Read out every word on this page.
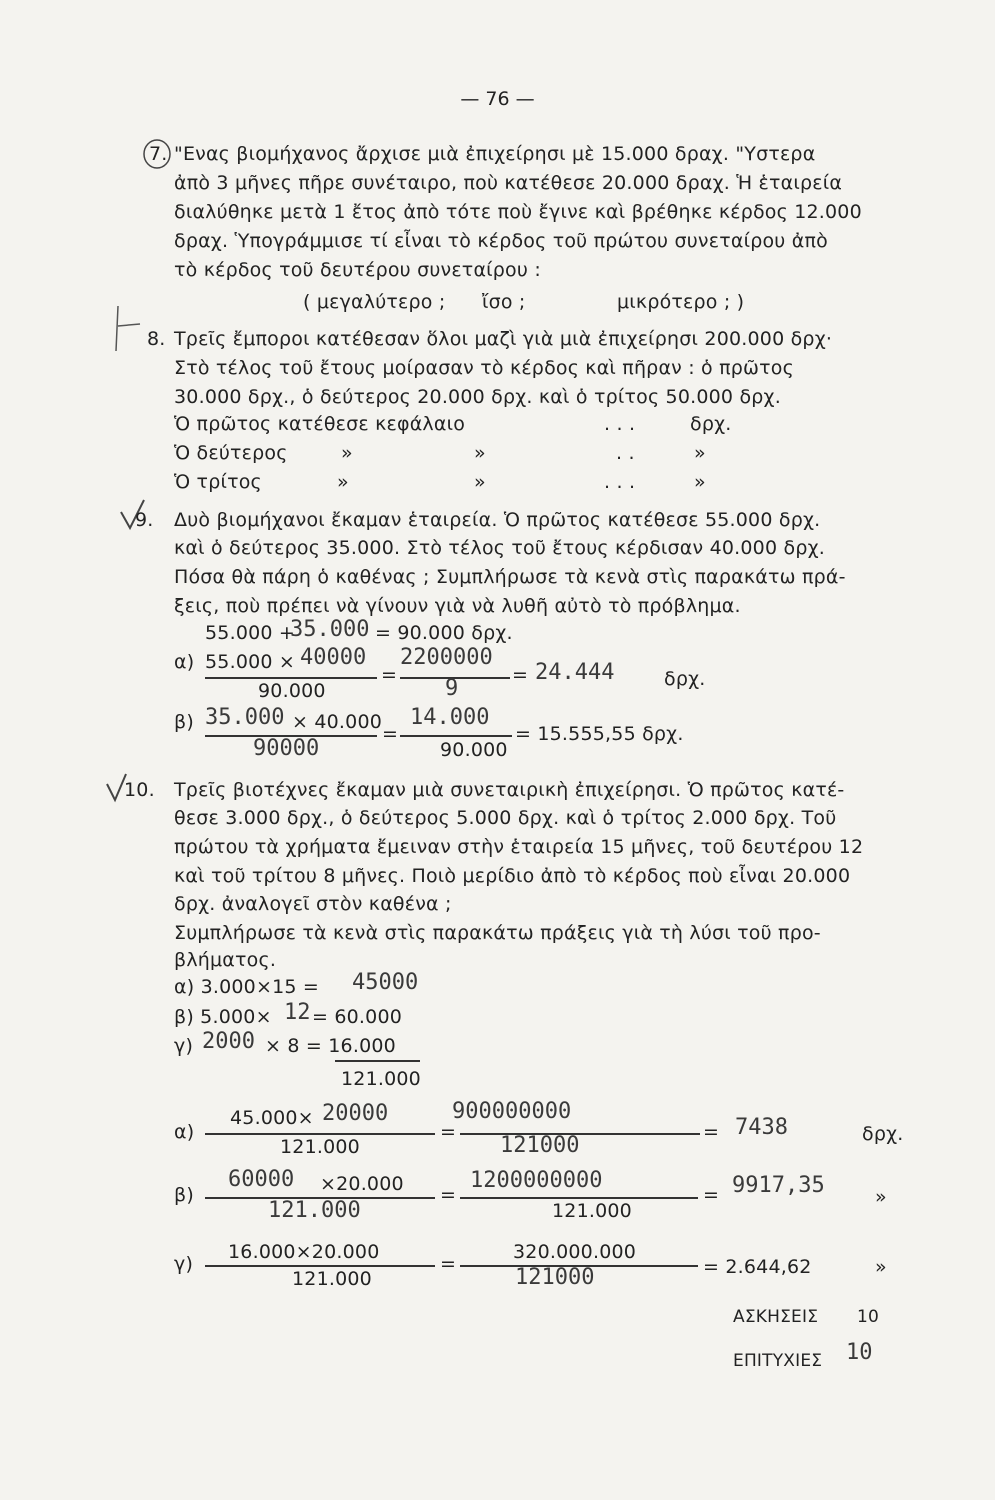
— 76 —
7. "Ενας βιομήχανος ἄρχισε μιὰ ἐπιχείρησι μὲ 15.000 δραχ. "Υστερα
ἀπὸ 3 μῆνες πῆρε συνέταιρο, ποὺ κατέθεσε 20.000 δραχ. Ἡ ἑταιρεία
διαλύθηκε μετὰ 1 ἔτος ἀπὸ τότε ποὺ ἔγινε καὶ βρέθηκε κέρδος 12.000
δραχ. Ὑπογράμμισε τί εἶναι τὸ κέρδος τοῦ πρώτου συνεταίρου ἀπὸ
τὸ κέρδος τοῦ δευτέρου συνεταίρου :
( μεγαλύτερο ; ἴσο ;	μικρότερο ; )
8. Τρεῖς ἔμποροι κατέθεσαν ὅλοι μαζὶ γιὰ μιὰ ἐπιχείρησι 200.000 δρχ·
Στὸ τέλος τοῦ ἔτους μοίρασαν τὸ κέρδος καὶ πῆραν : ὁ πρῶτος
30.000 δρχ., ὁ δεύτερος 20.000 δρχ. καὶ ὁ τρίτος 50.000 δρχ.
Ὁ πρῶτος κατέθεσε κεφάλαιο	. . .	δρχ.
Ὁ δεύτερος	»	»	. .	»
Ὁ τρίτος	»	»	. . .	»
9. Δυὸ βιομήχανοι ἔκαμαν ἑταιρεία. Ὁ πρῶτος κατέθεσε 55.000 δρχ.
καὶ ὁ δεύτερος 35.000. Στὸ τέλος τοῦ ἔτους κέρδισαν 40.000 δρχ.
Πόσα θὰ πάρη ὁ καθένας ; Συμπλήρωσε τὰ κενὰ στὶς παρακάτω πρά-
ξεις, ποὺ πρέπει νὰ γίνουν γιὰ νὰ λυθῆ αὐτὸ τὸ πρόβλημα.
55.000 +
35.000 = 90.000 δρχ.
α) 55.000 × 40000
90.000
=
2200000
9
= 24.444	δρχ.
β) 35.000 × 40.000
90000
=
14.000
90.000
= 15.555,55 δρχ.
10. Τρεῖς βιοτέχνες ἔκαμαν μιὰ συνεταιρικὴ ἐπιχείρησι. Ὁ πρῶτος κατέ-
θεσε 3.000 δρχ., ὁ δεύτερος 5.000 δρχ. καὶ ὁ τρίτος 2.000 δρχ. Τοῦ
πρώτου τὰ χρήματα ἔμειναν στὴν ἑταιρεία 15 μῆνες, τοῦ δευτέρου 12
καὶ τοῦ τρίτου 8 μῆνες. Ποιὸ μερίδιο ἀπὸ τὸ κέρδος ποὺ εἶναι 20.000
δρχ. ἀναλογεῖ στὸν καθένα ;
Συμπλήρωσε τὰ κενὰ στὶς παρακάτω πράξεις γιὰ τὴ λύσι τοῦ προ-
βλήματος.
α) 3.000×15 = 45000
β) 5.000× 12 = 60.000
γ) 2000 × 8 = 16.000
121.000
α)
45.000× 20000
121.000
=
900000000
121000
= 7438	δρχ.
β)
60000 ×20.000
121.000
=
1200000000
121.000
= 9917,35	»
γ)
16.000×20.000
121.000
=
320.000.000
121000	= 2.644,62	»
ΑΣΚΗΣΕΙΣ 10
ΕΠΙΤΥΧΙΕΣ 10
